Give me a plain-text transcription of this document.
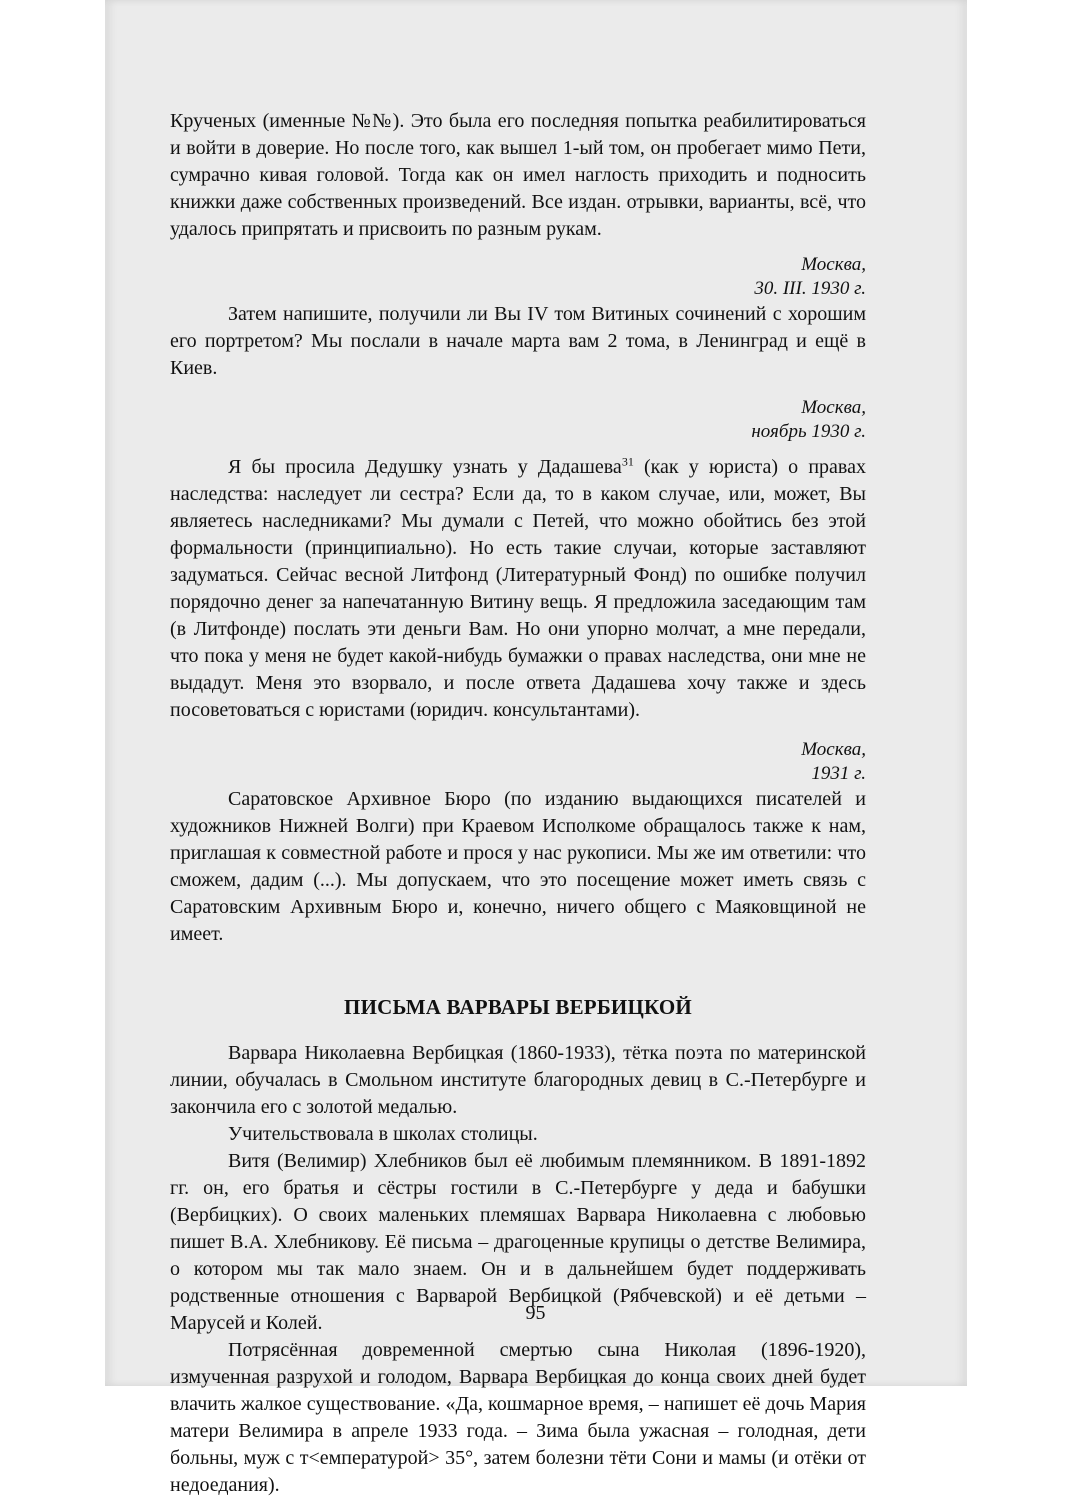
Крученых (именные №№). Это была его последняя попытка реабилитироваться и войти в доверие. Но после того, как вышел 1-ый том, он пробегает мимо Пети, сумрачно кивая головой. Тогда как он имел наглость приходить и подносить книжки даже собственных произведений. Все издан. отрывки, варианты, всё, что удалось припрятать и присвоить по разным рукам.

Москва,
30. III. 1930 г.

Затем напишите, получили ли Вы IV том Витиных сочинений с хорошим его портретом? Мы послали в начале марта вам 2 тома, в Ленинград и ещё в Киев.

Москва,
ноябрь 1930 г.

Я бы просила Дедушку узнать у Дадашева$^{31}$ (как у юриста) о правах наследства: наследует ли сестра? Если да, то в каком случае, или, может, Вы являетесь наследниками? Мы думали с Петей, что можно обойтись без этой формальности (принципиально). Но есть такие случаи, которые заставляют задуматься. Сейчас весной Литфонд (Литературный Фонд) по ошибке получил порядочно денег за напечатанную Витину вещь. Я предложила заседающим там (в Литфонде) послать эти деньги Вам. Но они упорно молчат, а мне передали, что пока у меня не будет какой-нибудь бумажки о правах наследства, они мне не выдадут. Меня это взорвало, и после ответа Дадашева хочу также и здесь посоветоваться с юристами (юридич. консультантами).

Москва,
1931 г.

Саратовское Архивное Бюро (по изданию выдающихся писателей и художников Нижней Волги) при Краевом Исполкоме обращалось также к нам, приглашая к совместной работе и прося у нас рукописи. Мы же им ответили: что сможем, дадим (...). Мы допускаем, что это посещение может иметь связь с Саратовским Архивным Бюро и, конечно, ничего общего с Маяковщиной не имеет.

ПИСЬМА ВАРВАРЫ ВЕРБИЦКОЙ

Варвара Николаевна Вербицкая (1860-1933), тётка поэта по материнской линии, обучалась в Смольном институте благородных девиц в С.-Петербурге и закончила его с золотой медалью.

Учительствовала в школах столицы.

Витя (Велимир) Хлебников был её любимым племянником. В 1891-1892 гг. он, его братья и сёстры гостили в С.-Петербурге у деда и бабушки (Вербицких). О своих маленьких племяшах Варвара Николаевна с любовью пишет В.А. Хлебникову. Её письма – драгоценные крупицы о детстве Велимира, о котором мы так мало знаем. Он и в дальнейшем будет поддерживать родственные отношения с Варварой Вербицкой (Рябчевской) и её детьми – Марусей и Колей.

Потрясённая довременной смертью сына Николая (1896-1920), измученная разрухой и голодом, Варвара Вербицкая до конца своих дней будет влачить жалкое существование. «Да, кошмарное время, – напишет её дочь Мария матери Велимира в апреле 1933 года. – Зима была ужасная – голодная, дети больны, муж с т<емпературой> 35°, затем болезни тёти Сони и мамы (и отёки от недоедания).

95
